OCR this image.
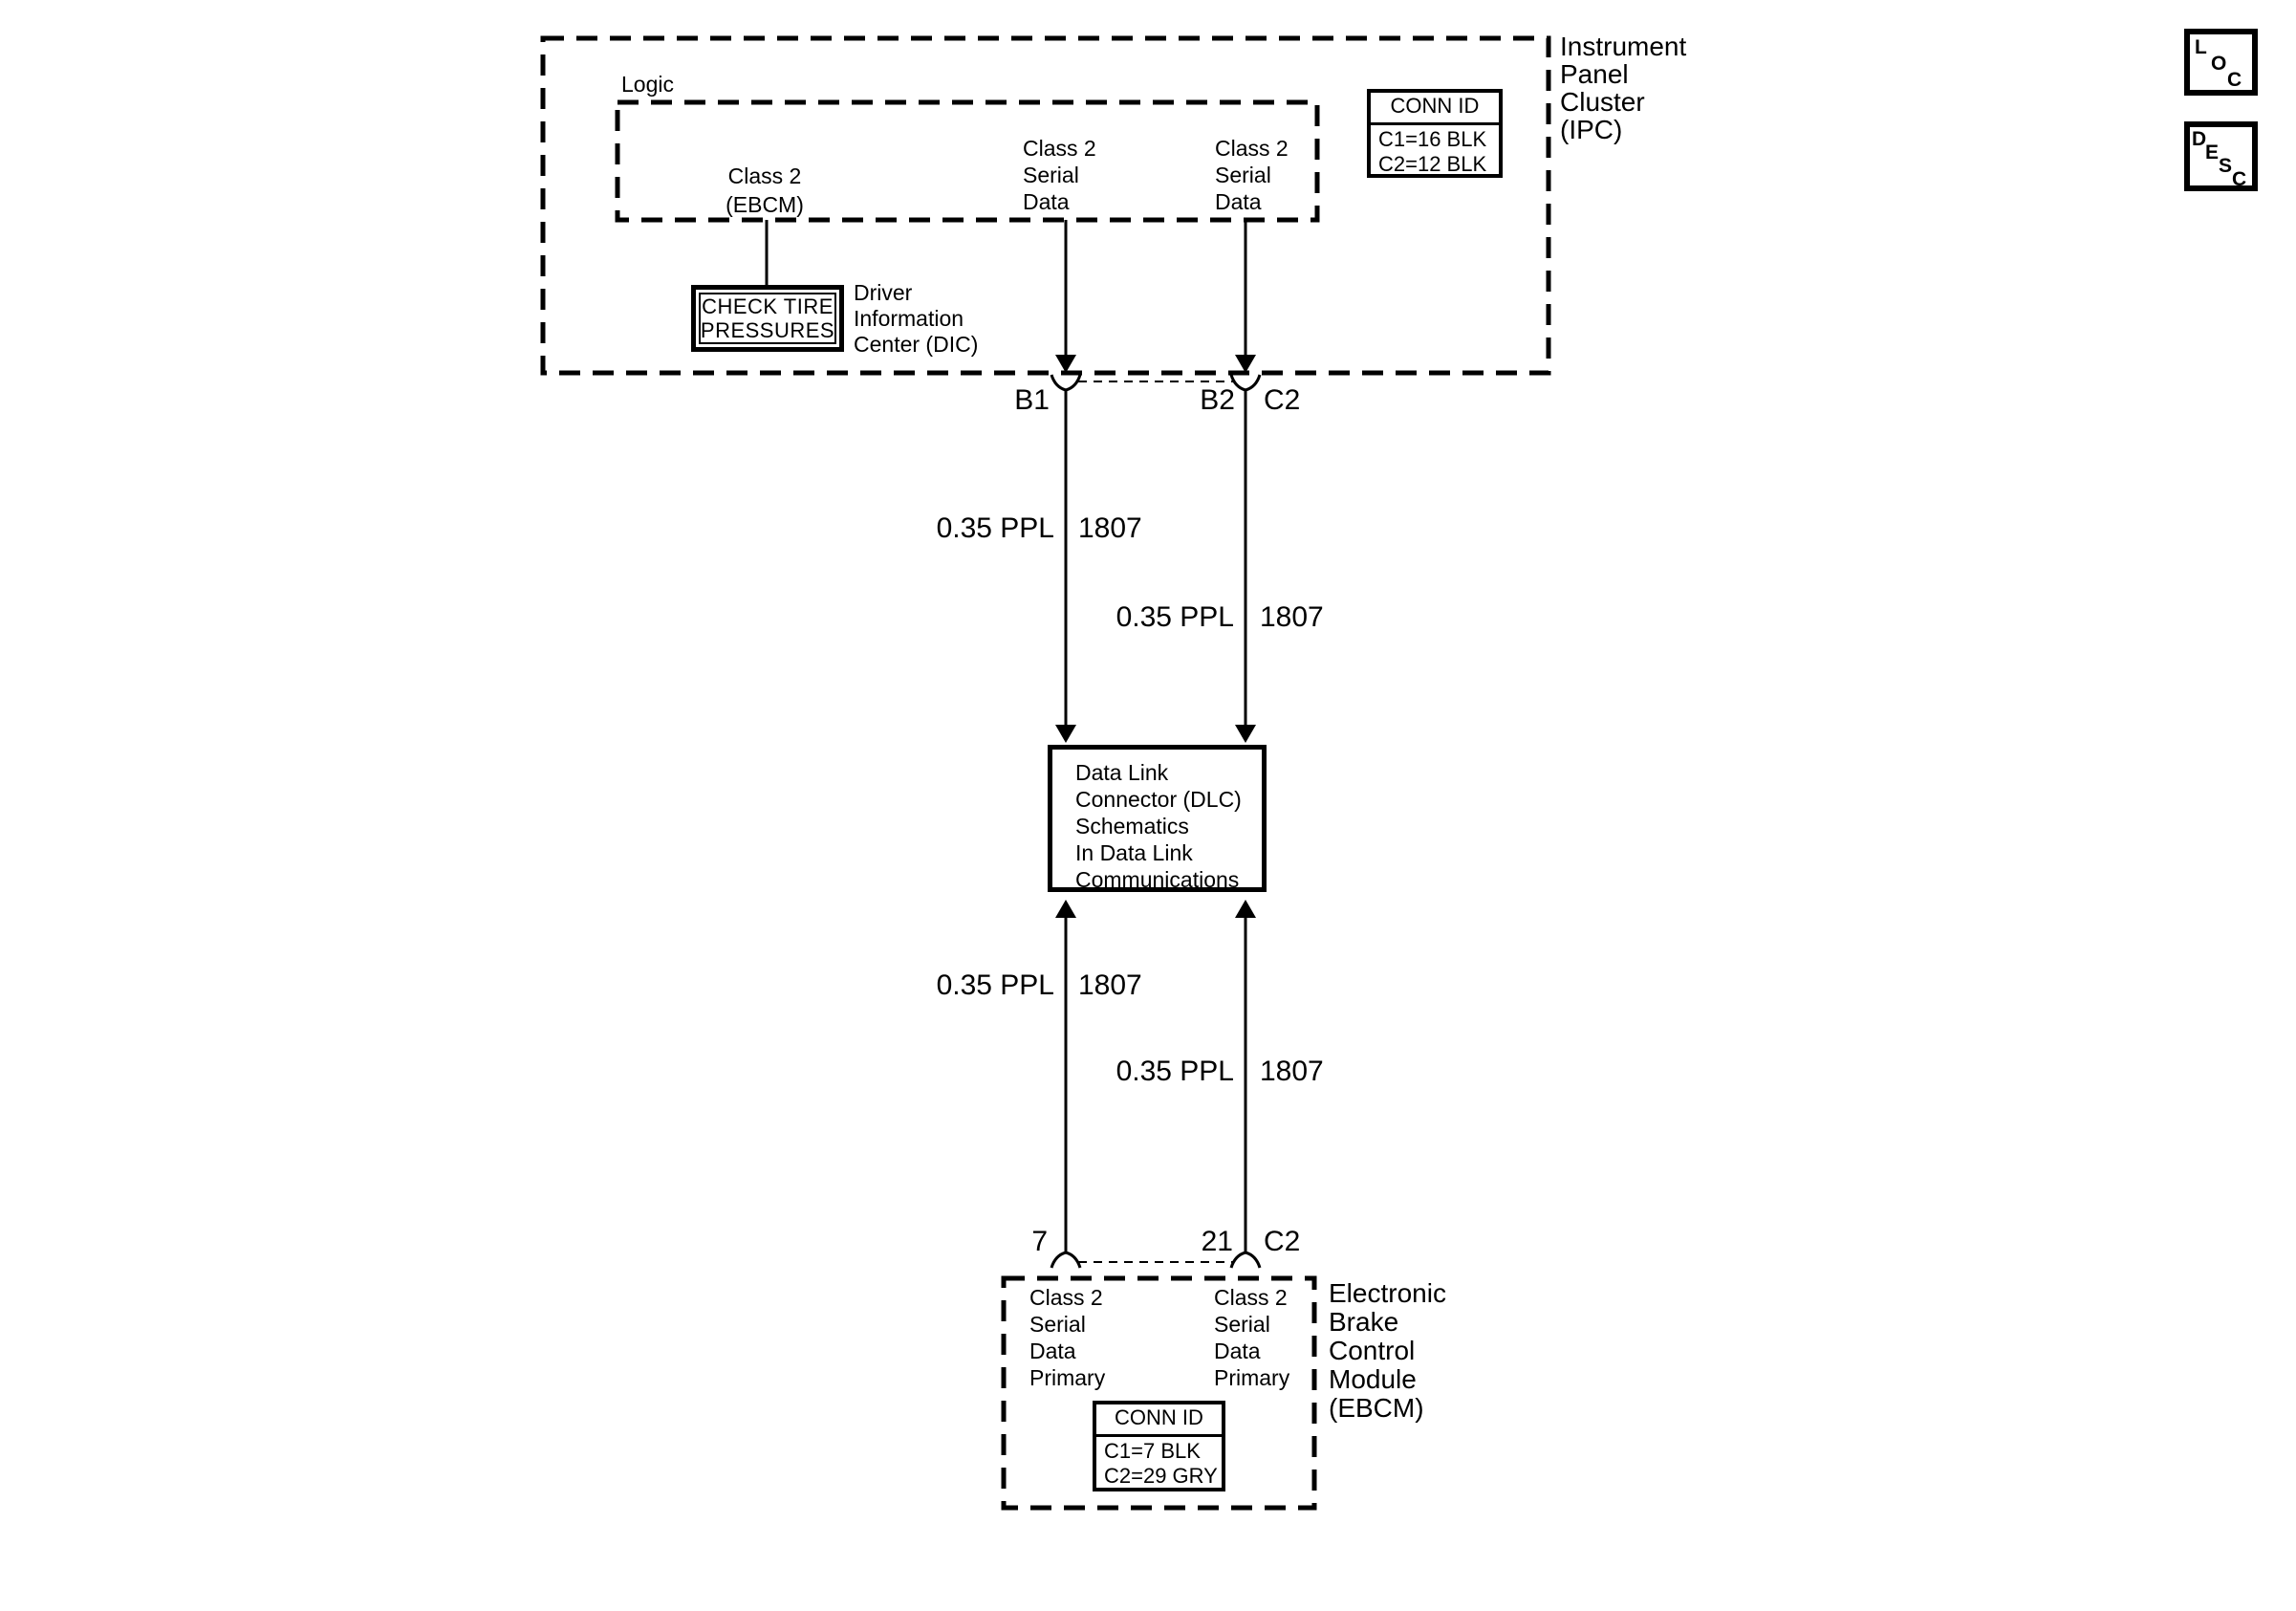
Logic
Class 2
(EBCM)
Class 2
Serial
Data
Class 2
Serial
Data
CONN ID
C1=16 BLK
C2=12 BLK
Instrument
Panel
Cluster
(IPC)
CHECK TIRE
PRESSURES
Driver
Information
Center (DIC)
B1	B2 C2
0.35 PPL 1807
0.35 PPL 1807
Data Link
Connector (DLC)
Schematics
In Data Link
Communications
0.35 PPL 1807
0.35 PPL 1807
7	21 C2
Class 2
Serial
Data
Primary
Class 2
Serial
Data
Primary
CONN ID
C1=7 BLK
C2=29 GRY
Electronic
Brake
Control
Module
(EBCM)
L
O
C
D
E
S
C
